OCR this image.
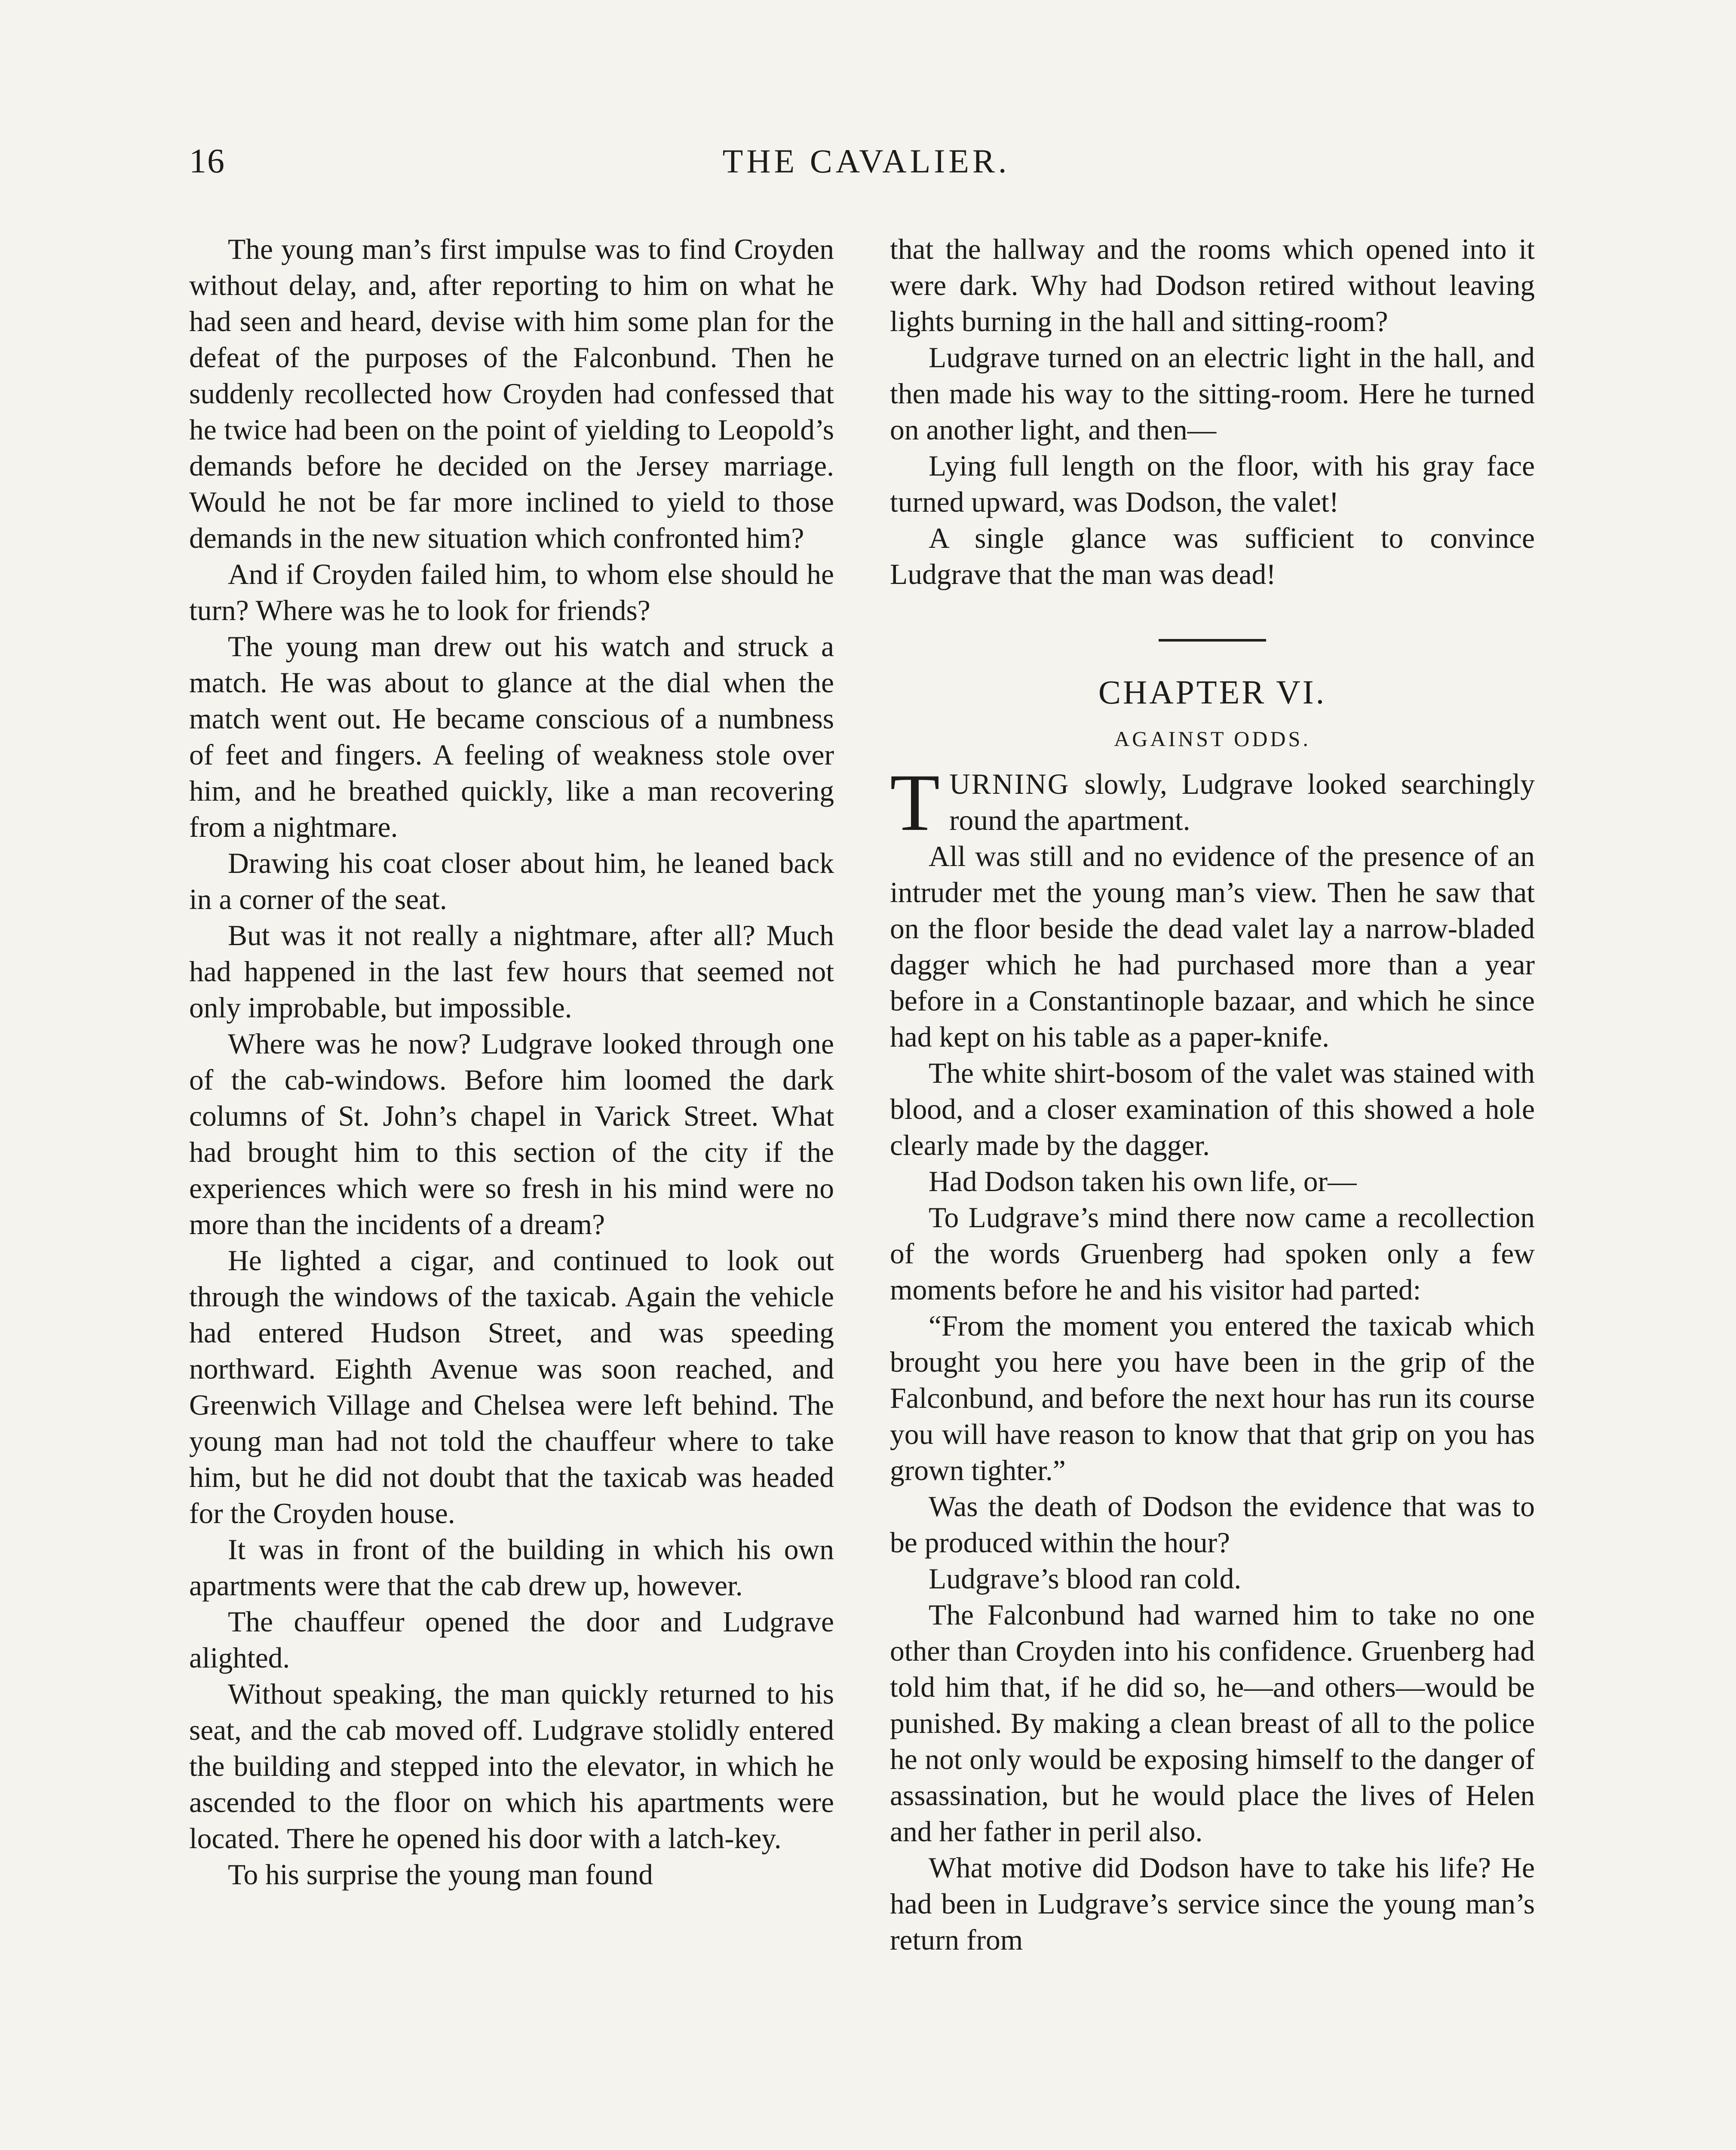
16	THE CAVALIER.

The young man’s first impulse was to find Croyden without delay, and, after reporting to him on what he had seen and heard, devise with him some plan for the defeat of the purposes of the Falconbund. Then he suddenly recollected how Croyden had confessed that he twice had been on the point of yielding to Leopold’s demands before he decided on the Jersey marriage. Would he not be far more inclined to yield to those demands in the new situation which confronted him?

And if Croyden failed him, to whom else should he turn? Where was he to look for friends?

The young man drew out his watch and struck a match. He was about to glance at the dial when the match went out. He became conscious of a numbness of feet and fingers. A feeling of weakness stole over him, and he breathed quickly, like a man recovering from a nightmare.

Drawing his coat closer about him, he leaned back in a corner of the seat.

But was it not really a nightmare, after all? Much had happened in the last few hours that seemed not only improbable, but impossible.

Where was he now? Ludgrave looked through one of the cab-windows. Before him loomed the dark columns of St. John’s chapel in Varick Street. What had brought him to this section of the city if the experiences which were so fresh in his mind were no more than the incidents of a dream?

He lighted a cigar, and continued to look out through the windows of the taxicab. Again the vehicle had entered Hudson Street, and was speeding northward. Eighth Avenue was soon reached, and Greenwich Village and Chelsea were left behind. The young man had not told the chauffeur where to take him, but he did not doubt that the taxicab was headed for the Croyden house.

It was in front of the building in which his own apartments were that the cab drew up, however.

The chauffeur opened the door and Ludgrave alighted.

Without speaking, the man quickly returned to his seat, and the cab moved off. Ludgrave stolidly entered the building and stepped into the elevator, in which he ascended to the floor on which his apartments were located. There he opened his door with a latch-key.

To his surprise the young man found

that the hallway and the rooms which opened into it were dark. Why had Dodson retired without leaving lights burning in the hall and sitting-room?

Ludgrave turned on an electric light in the hall, and then made his way to the sitting-room. Here he turned on another light, and then—

Lying full length on the floor, with his gray face turned upward, was Dodson, the valet!

A single glance was sufficient to convince Ludgrave that the man was dead!

CHAPTER VI.
AGAINST ODDS.

TURNING slowly, Ludgrave looked searchingly round the apartment.

All was still and no evidence of the presence of an intruder met the young man’s view. Then he saw that on the floor beside the dead valet lay a narrow-bladed dagger which he had purchased more than a year before in a Constantinople bazaar, and which he since had kept on his table as a paper-knife.

The white shirt-bosom of the valet was stained with blood, and a closer examination of this showed a hole clearly made by the dagger.

Had Dodson taken his own life, or—

To Ludgrave’s mind there now came a recollection of the words Gruenberg had spoken only a few moments before he and his visitor had parted:

“From the moment you entered the taxicab which brought you here you have been in the grip of the Falconbund, and before the next hour has run its course you will have reason to know that that grip on you has grown tighter.”

Was the death of Dodson the evidence that was to be produced within the hour?

Ludgrave’s blood ran cold.

The Falconbund had warned him to take no one other than Croyden into his confidence. Gruenberg had told him that, if he did so, he—and others—would be punished. By making a clean breast of all to the police he not only would be exposing himself to the danger of assassination, but he would place the lives of Helen and her father in peril also.

What motive did Dodson have to take his life? He had been in Ludgrave’s service since the young man’s return from
